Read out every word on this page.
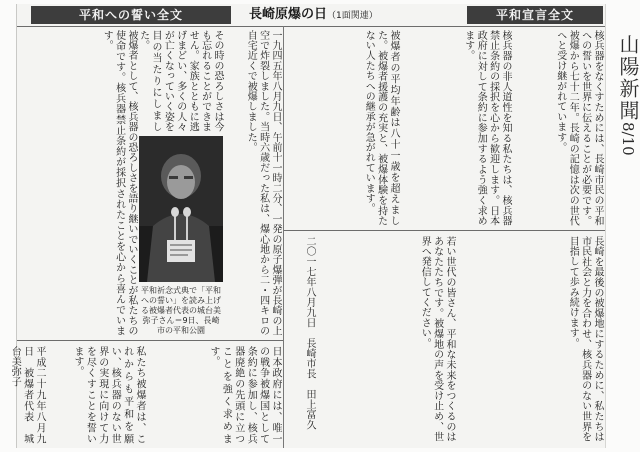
平和への誓い全文	長崎原爆の日（1面関連）	平和宣言全文
核兵器をなくすためには、長崎市民の平和への誓いを世界に伝えることが必要です。被爆から七十二年。長崎の記憶は次の世代へと受け継がれています。
核兵器の非人道性を知る私たちは、核兵器禁止条約の採択を心から歓迎します。日本政府に対して条約に参加するよう強く求めます。
被爆者の平均年齢は八十一歳を超えました。被爆者援護の充実と、被爆体験を持たない人たちへの継承が急がれています。
長崎を最後の被爆地にするために、私たちは市民社会と力を合わせ、核兵器のない世界を目指して歩み続けます。
若い世代の皆さん、平和な未来をつくるのはあなたたちです。被爆地の声を受け止め、世界へ発信してください。
二〇一七年八月九日　長崎市長　田上富久
一九四五年八月九日、午前十一時二分、一発の原子爆弾が長崎の上空で炸裂しました。当時六歳だった私は、爆心地から二・四キロの自宅近くで被爆しました。
その時の恐ろしさは今も忘れることができません。家族とともに逃げまどい、多くの人々が亡くなっていく姿を目の当たりにしました。
被爆者として、核兵器の恐ろしさを語り継いでいくことが私たちの使命です。核兵器禁止条約が採択されたことを心から喜んでいます。
日本政府には、唯一の戦争被爆国として条約に参加し、核兵器廃絶の先頭に立つことを強く求めます。
私たち被爆者は、これからも平和を願い、核兵器のない世界の実現に向けて力を尽くすことを誓います。
平成二十九年八月九日　被爆者代表　城台美弥子
平和祈念式典で「平和への誓い」を読み上げる被爆者代表の城台美弥子さん＝9日、長崎市の平和公園
山陽新聞8/10
